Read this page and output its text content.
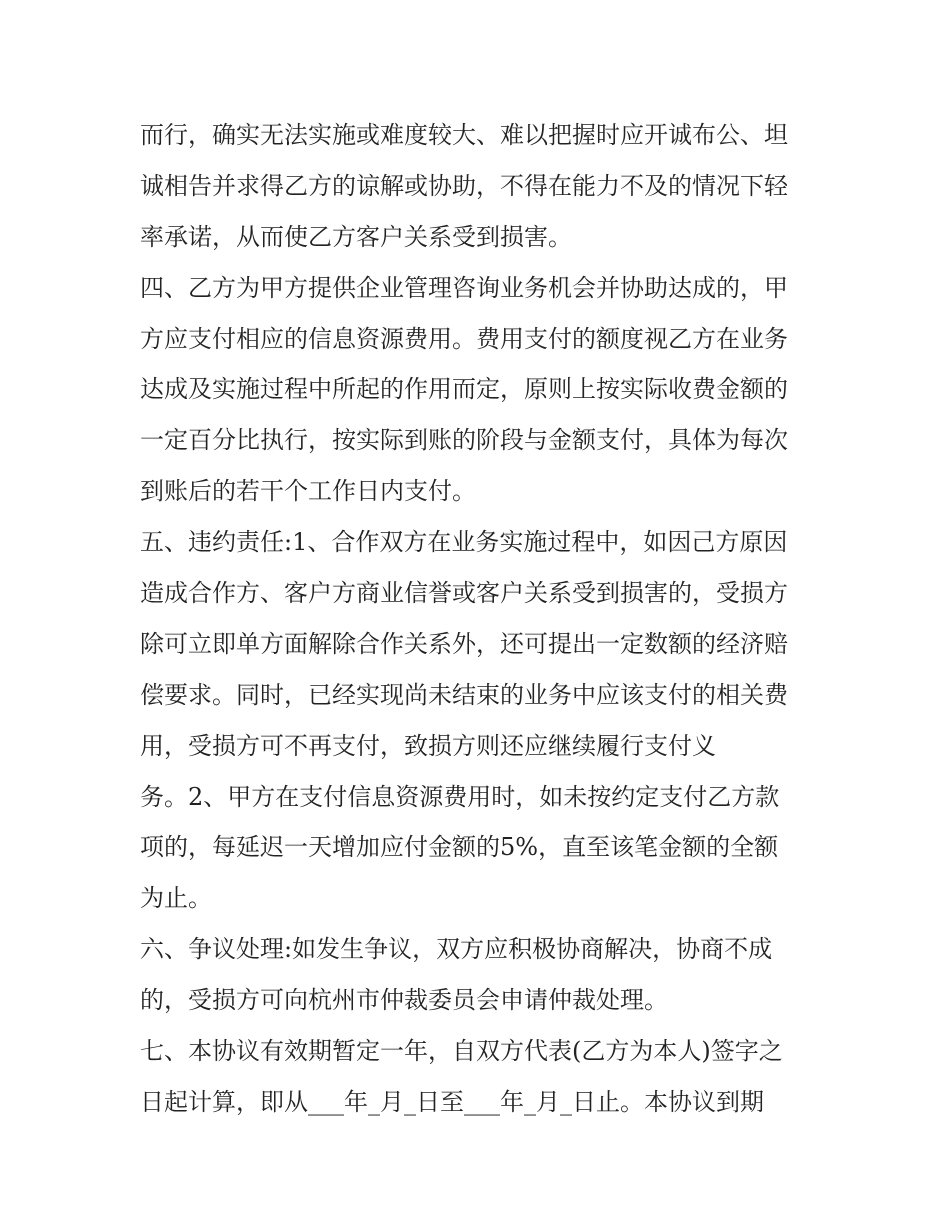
而行，确实无法实施或难度较大、难以把握时应开诚布公、坦
诚相告并求得乙方的谅解或协助，不得在能力不及的情况下轻
率承诺，从而使乙方客户关系受到损害。
四、乙方为甲方提供企业管理咨询业务机会并协助达成的，甲
方应支付相应的信息资源费用。费用支付的额度视乙方在业务
达成及实施过程中所起的作用而定，原则上按实际收费金额的
一定百分比执行，按实际到账的阶段与金额支付，具体为每次
到账后的若干个工作日内支付。
五、违约责任:1、合作双方在业务实施过程中，如因己方原因
造成合作方、客户方商业信誉或客户关系受到损害的，受损方
除可立即单方面解除合作关系外，还可提出一定数额的经济赔
偿要求。同时，已经实现尚未结束的业务中应该支付的相关费
用，受损方可不再支付，致损方则还应继续履行支付义
务。2、甲方在支付信息资源费用时，如未按约定支付乙方款
项的，每延迟一天增加应付金额的5%，直至该笔金额的全额
为止。
六、争议处理:如发生争议，双方应积极协商解决，协商不成
的，受损方可向杭州市仲裁委员会申请仲裁处理。
七、本协议有效期暂定一年，自双方代表(乙方为本人)签字之
日起计算，即从___年_月_日至___年_月_日止。本协议到期
